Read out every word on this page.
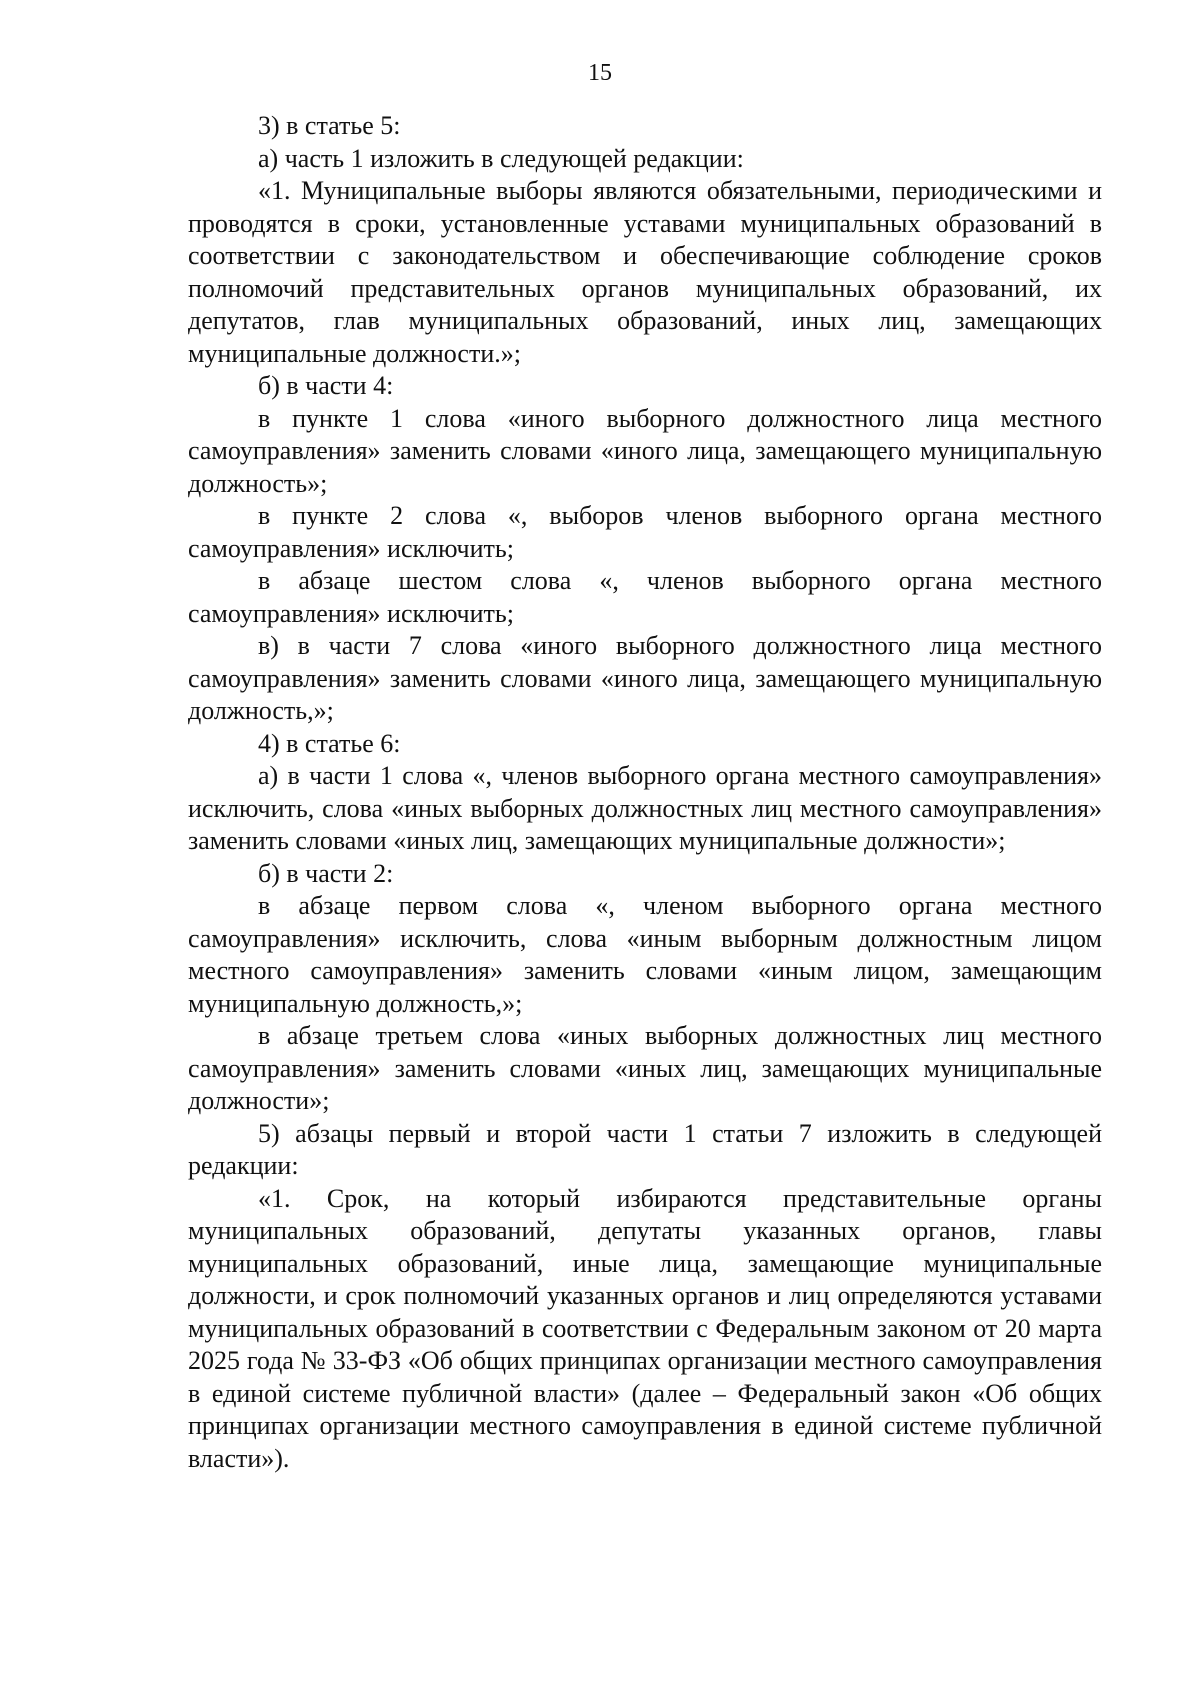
15

3) в статье 5:

а) часть 1 изложить в следующей редакции:

«1. Муниципальные выборы являются обязательными, периодическими и проводятся в сроки, установленные уставами муниципальных образований в соответствии с законодательством и обеспечивающие соблюдение сроков полномочий представительных органов муниципальных образований, их депутатов, глав муниципальных образований, иных лиц, замещающих муниципальные должности.»;

б) в части 4:

в пункте 1 слова «иного выборного должностного лица местного самоуправления» заменить словами «иного лица, замещающего муниципальную должность»;

в пункте 2 слова «, выборов членов выборного органа местного самоуправления» исключить;

в абзаце шестом слова «, членов выборного органа местного самоуправления» исключить;

в) в части 7 слова «иного выборного должностного лица местного самоуправления» заменить словами «иного лица, замещающего муниципальную должность,»;

4) в статье 6:

а) в части 1 слова «, членов выборного органа местного самоуправления» исключить, слова «иных выборных должностных лиц местного самоуправления» заменить словами «иных лиц, замещающих муниципальные должности»;

б) в части 2:

в абзаце первом слова «, членом выборного органа местного самоуправления» исключить, слова «иным выборным должностным лицом местного самоуправления» заменить словами «иным лицом, замещающим муниципальную должность,»;

в абзаце третьем слова «иных выборных должностных лиц местного самоуправления» заменить словами «иных лиц, замещающих муниципальные должности»;

5) абзацы первый и второй части 1 статьи 7 изложить в следующей редакции:

«1. Срок, на который избираются представительные органы муниципальных образований, депутаты указанных органов, главы муниципальных образований, иные лица, замещающие муниципальные должности, и срок полномочий указанных органов и лиц определяются уставами муниципальных образований в соответствии с Федеральным законом от 20 марта 2025 года № 33-ФЗ «Об общих принципах организации местного самоуправления в единой системе публичной власти» (далее – Федеральный закон «Об общих принципах организации местного самоуправления в единой системе публичной власти»).
